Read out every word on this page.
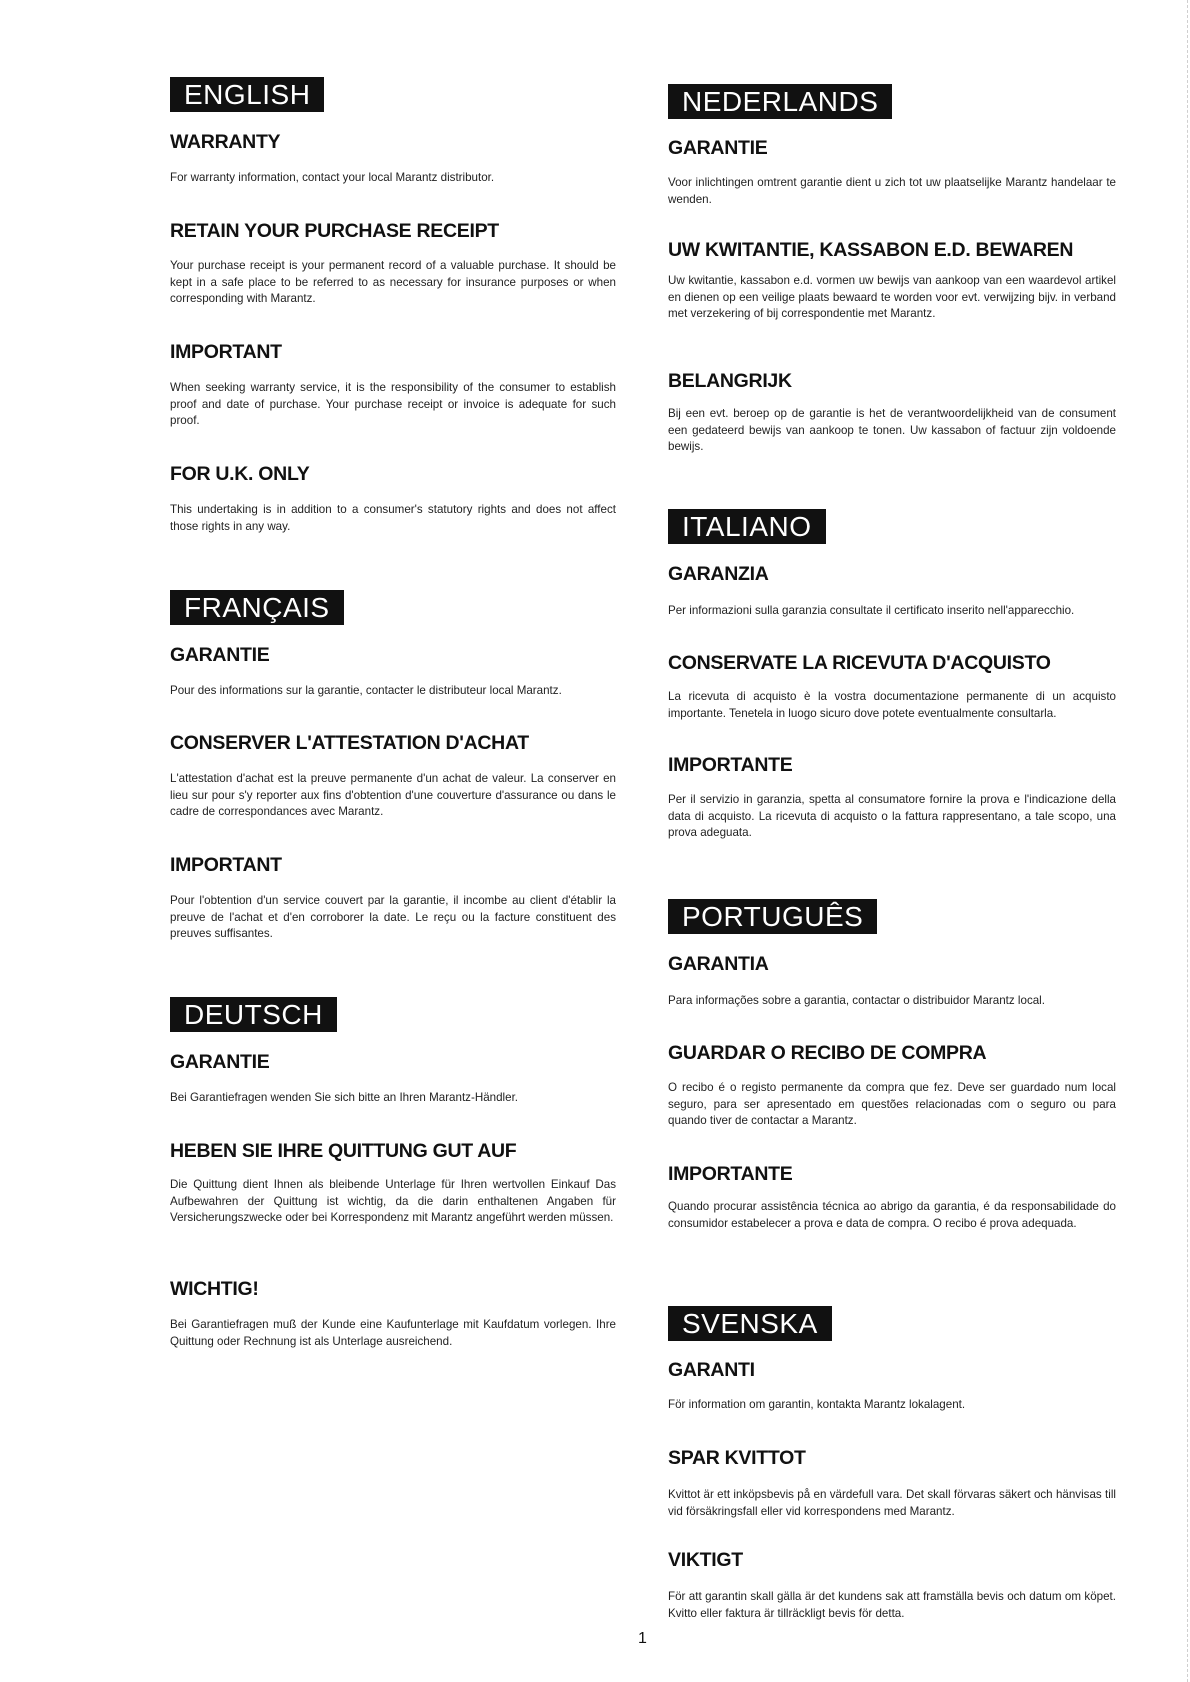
ENGLISH
WARRANTY
For warranty information, contact your local Marantz distributor.
RETAIN YOUR PURCHASE RECEIPT
Your purchase receipt is your permanent record of a valuable purchase. It should be kept in a safe place to be referred to as necessary for insurance purposes or when corresponding with Marantz.
IMPORTANT
When seeking warranty service, it is the responsibility of the consumer to establish proof and date of purchase. Your purchase receipt or invoice is adequate for such proof.
FOR U.K. ONLY
This undertaking is in addition to a consumer's statutory rights and does not affect those rights in any way.
FRANÇAIS
GARANTIE
Pour des informations sur la garantie, contacter le distributeur local Marantz.
CONSERVER L'ATTESTATION D'ACHAT
L'attestation d'achat est la preuve permanente d'un achat de valeur. La conserver en lieu sur pour s'y reporter aux fins d'obtention d'une couverture d'assurance ou dans le cadre de correspondances avec Marantz.
IMPORTANT
Pour l'obtention d'un service couvert par la garantie, il incombe au client d'établir la preuve de l'achat et d'en corroborer la date. Le reçu ou la facture constituent des preuves suffisantes.
DEUTSCH
GARANTIE
Bei Garantiefragen wenden Sie sich bitte an Ihren Marantz-Händler.
HEBEN SIE IHRE QUITTUNG GUT AUF
Die Quittung dient Ihnen als bleibende Unterlage für Ihren wertvollen Einkauf Das Aufbewahren der Quittung ist wichtig, da die darin enthaltenen Angaben für Versicherungszwecke oder bei Korrespondenz mit Marantz angeführt werden müssen.
WICHTIG!
Bei Garantiefragen muß der Kunde eine Kaufunterlage mit Kaufdatum vorlegen. Ihre Quittung oder Rechnung ist als Unterlage ausreichend.
NEDERLANDS
GARANTIE
Voor inlichtingen omtrent garantie dient u zich tot uw plaatselijke Marantz handelaar te wenden.
UW KWITANTIE, KASSABON E.D. BEWAREN
Uw kwitantie, kassabon e.d. vormen uw bewijs van aankoop van een waardevol artikel en dienen op een veilige plaats bewaard te worden voor evt. verwijzing bijv. in verband met verzekering of bij correspondentie met Marantz.
BELANGRIJK
Bij een evt. beroep op de garantie is het de verantwoordelijkheid van de consument een gedateerd bewijs van aankoop te tonen. Uw kassabon of factuur zijn voldoende bewijs.
ITALIANO
GARANZIA
Per informazioni sulla garanzia consultate il certificato inserito nell'apparecchio.
CONSERVATE LA RICEVUTA D'ACQUISTO
La ricevuta di acquisto è la vostra documentazione permanente di un acquisto importante. Tenetela in luogo sicuro dove potete eventualmente consultarla.
IMPORTANTE
Per il servizio in garanzia, spetta al consumatore fornire la prova e l'indicazione della data di acquisto. La ricevuta di acquisto o la fattura rappresentano, a tale scopo, una prova adeguata.
PORTUGUÊS
GARANTIA
Para informações sobre a garantia, contactar o distribuidor Marantz local.
GUARDAR O RECIBO DE COMPRA
O recibo é o registo permanente da compra que fez. Deve ser guardado num local seguro, para ser apresentado em questões relacionadas com o seguro ou para quando tiver de contactar a Marantz.
IMPORTANTE
Quando procurar assistência técnica ao abrigo da garantia, é da responsabilidade do consumidor estabelecer a prova e data de compra. O recibo é prova adequada.
SVENSKA
GARANTI
För information om garantin, kontakta Marantz lokalagent.
SPAR KVITTOT
Kvittot är ett inköpsbevis på en värdefull vara. Det skall förvaras säkert och hänvisas till vid försäkringsfall eller vid korrespondens med Marantz.
VIKTIGT
För att garantin skall gälla är det kundens sak att framställa bevis och datum om köpet. Kvitto eller faktura är tillräckligt bevis för detta.
1
